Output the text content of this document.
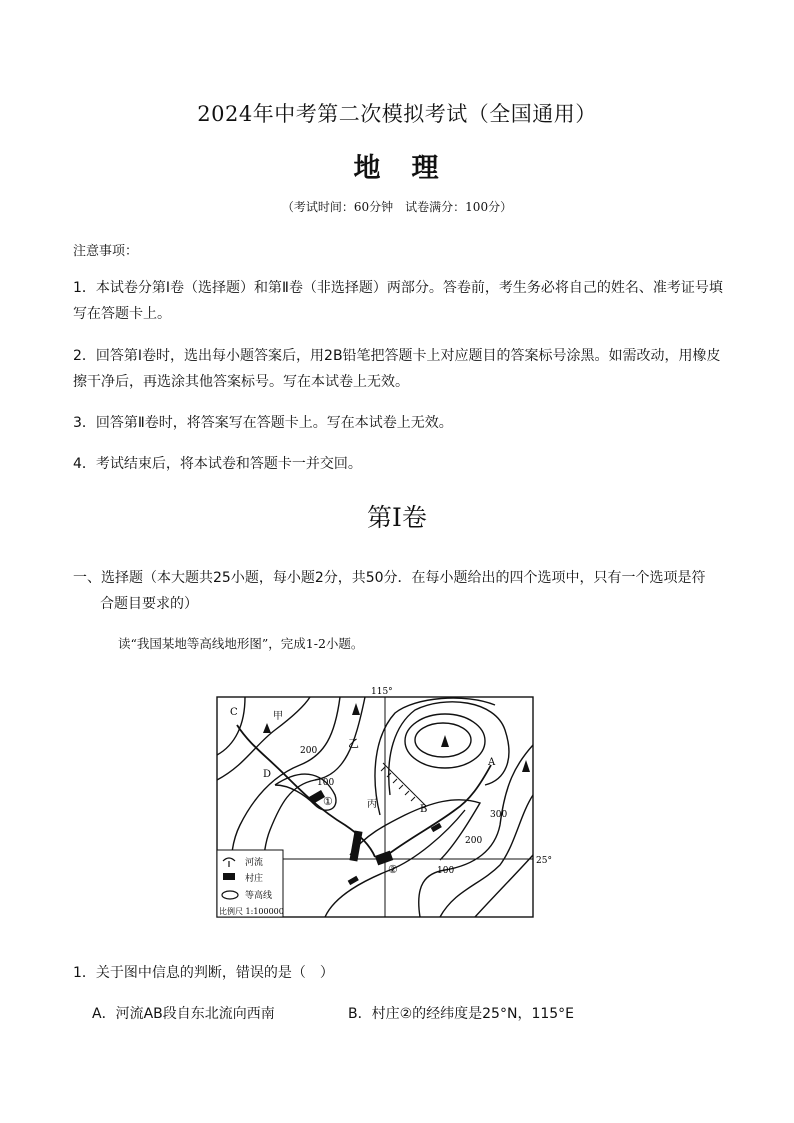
2024年中考第二次模拟考试（全国通用）
地　理
（考试时间：60分钟　试卷满分：100分）
注意事项：
1．本试卷分第Ⅰ卷（选择题）和第Ⅱ卷（非选择题）两部分。答卷前，考生务必将自己的姓名、准考证号填写在答题卡上。
2．回答第Ⅰ卷时，选出每小题答案后，用2B铅笔把答题卡上对应题目的答案标号涂黑。如需改动，用橡皮擦干净后，再选涂其他答案标号。写在本试卷上无效。
3．回答第Ⅱ卷时，将答案写在答题卡上。写在本试卷上无效。
4．考试结束后，将本试卷和答题卡一并交回。
第Ⅰ卷
一、选择题（本大题共25小题，每小题2分，共50分．在每小题给出的四个选项中，只有一个选项是符
合题目要求的）
读“我国某地等高线地形图”，完成1-2小题。
115°
25°
C	甲
乙
D
200
100
①	丙
A
B	300
200
100
②
河流
村庄
等高线
比例尺 1:100000
1．关于图中信息的判断，错误的是（　）
A．河流AB段自东北流向西南	B．村庄②的经纬度是25°N，115°E
